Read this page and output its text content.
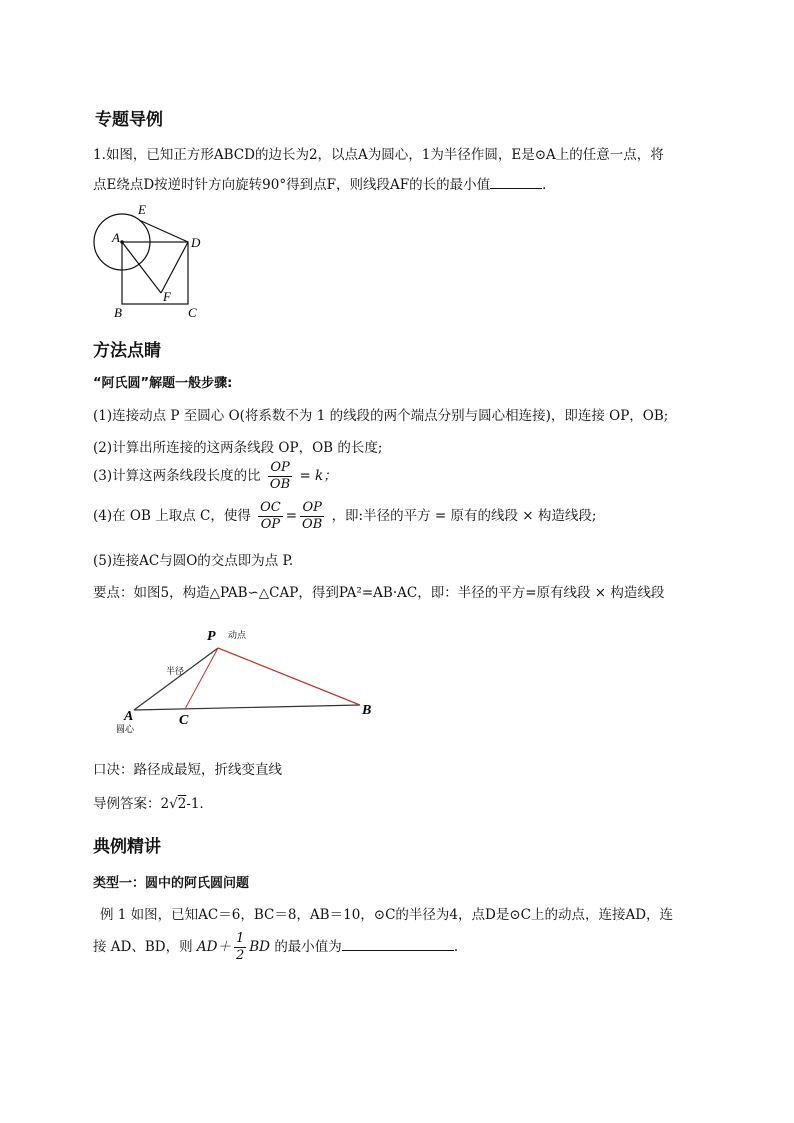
专题导例
1.如图，已知正方形ABCD的边长为2，以点A为圆心，1为半径作圆，E是⊙A上的任意一点，将
点E绕点D按逆时针方向旋转90°得到点F，则线段AF的长的最小值	．
E
A	D
F
B	C
方法点睛
“阿氏圆”解题一般步骤:
(1)连接动点 P 至圆心 O(将系数不为 1 的线段的两个端点分别与圆心相连接)，即连接 OP，OB;
(2)计算出所连接的这两条线段 OP，OB 的长度;
(3)计算这两条线段长度的比 $\frac{OP}{OB} = k$；
(4)在 OB 上取点 C，使得 $\frac{OC}{OP} = \frac{OP}{OB}$ ，即:半径的平方 = 原有的线段 × 构造线段;
(5)连接AC与圆O的交点即为点 P.
要点：如图5，构造△PAB∽△CAP，得到PA²=AB·AC，即：半径的平方=原有线段 × 构造线段
P 动点
半径
A
圆心
C
B
口决：路径成最短，折线变直线
导例答案：2√2-1．
典例精讲
类型一：圆中的阿氏圆问题
例 1 如图，已知AC＝6，BC＝8，AB＝10，⊙C的半径为4，点D是⊙C上的动点，连接AD，连
接 AD、BD，则 $AD+ \frac{1}{2}$ BD 的最小值为	.
